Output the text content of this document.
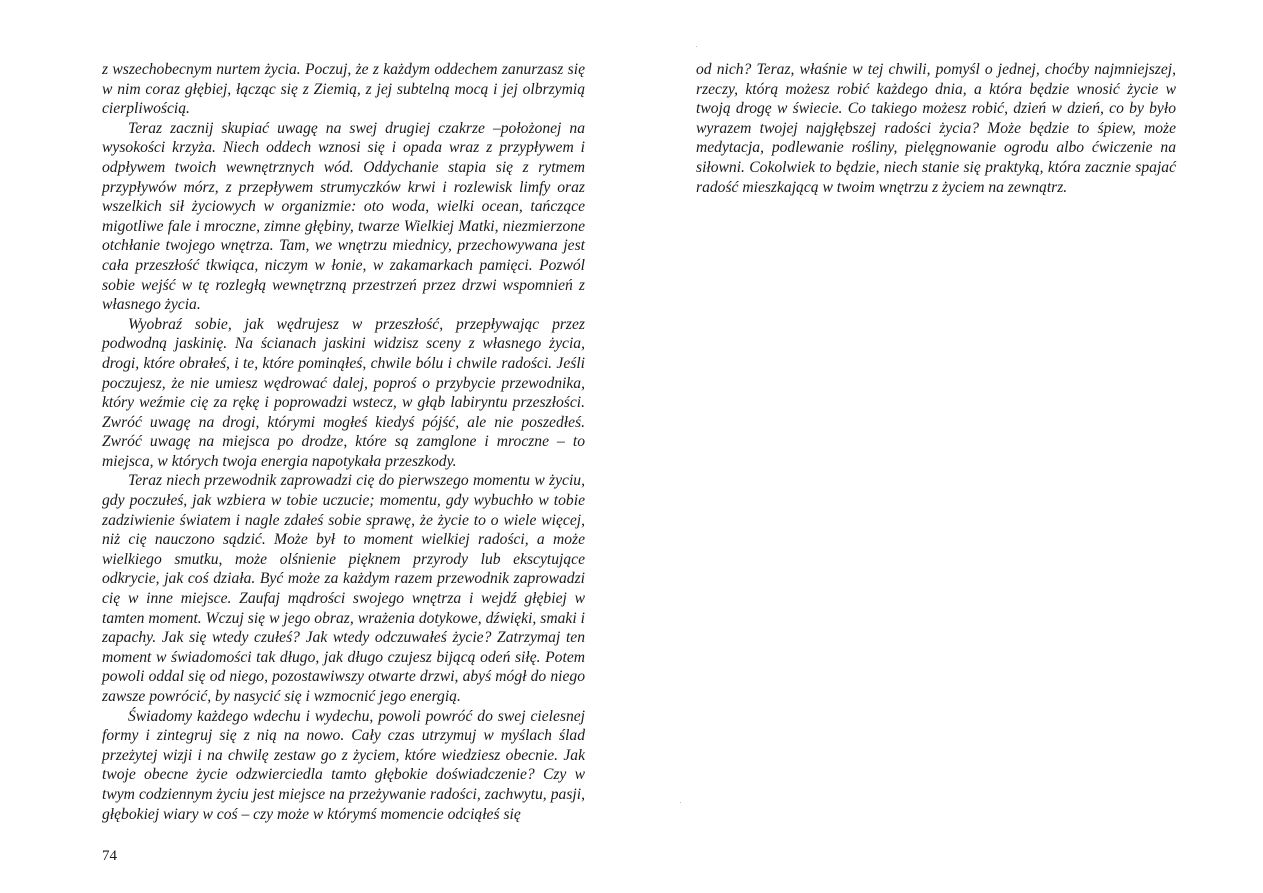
z wszechobecnym nurtem życia. Poczuj, że z każdym oddechem zanurzasz się w nim coraz głębiej, łącząc się z Ziemią, z jej subtelną mocą i jej olbrzymią cierpliwością.

Teraz zacznij skupiać uwagę na swej drugiej czakrze –położonej na wysokości krzyża. Niech oddech wznosi się i opada wraz z przypływem i odpływem twoich wewnętrznych wód. Oddychanie stapia się z rytmem przypływów mórz, z przepływem strumyczków krwi i rozlewisk limfy oraz wszelkich sił życiowych w organizmie: oto woda, wielki ocean, tańczące migotliwe fale i mroczne, zimne głębiny, twarze Wielkiej Matki, niezmierzone otchłanie twojego wnętrza. Tam, we wnętrzu miednicy, przechowywana jest cała przeszłość tkwiąca, niczym w łonie, w zakamarkach pamięci. Pozwól sobie wejść w tę rozległą wewnętrzną przestrzeń przez drzwi wspomnień z własnego życia.

Wyobraź sobie, jak wędrujesz w przeszłość, przepływając przez podwodną jaskinię. Na ścianach jaskini widzisz sceny z własnego życia, drogi, które obrałeś, i te, które pominąłeś, chwile bólu i chwile radości. Jeśli poczujesz, że nie umiesz wędrować dalej, poproś o przybycie przewodnika, który weźmie cię za rękę i poprowadzi wstecz, w głąb labiryntu przeszłości. Zwróć uwagę na drogi, którymi mogłeś kiedyś pójść, ale nie poszedłeś. Zwróć uwagę na miejsca po drodze, które są zamglone i mroczne – to miejsca, w których twoja energia napotykała przeszkody.

Teraz niech przewodnik zaprowadzi cię do pierwszego momentu w życiu, gdy poczułeś, jak wzbiera w tobie uczucie; momentu, gdy wybuchło w tobie zadziwienie światem i nagle zdałeś sobie sprawę, że życie to o wiele więcej, niż cię nauczono sądzić. Może był to moment wielkiej radości, a może wielkiego smutku, może olśnienie pięknem przyrody lub ekscytujące odkrycie, jak coś działa. Być może za każdym razem przewodnik zaprowadzi cię w inne miejsce. Zaufaj mądrości swojego wnętrza i wejdź głębiej w tamten moment. Wczuj się w jego obraz, wrażenia dotykowe, dźwięki, smaki i zapachy. Jak się wtedy czułeś? Jak wtedy odczuwałeś życie? Zatrzymaj ten moment w świadomości tak długo, jak długo czujesz bijącą odeń siłę. Potem powoli oddal się od niego, pozostawiwszy otwarte drzwi, abyś mógł do niego zawsze powrócić, by nasycić się i wzmocnić jego energią.

Świadomy każdego wdechu i wydechu, powoli powróć do swej cielesnej formy i zintegruj się z nią na nowo. Cały czas utrzymuj w myślach ślad przeżytej wizji i na chwilę zestaw go z życiem, które wiedziesz obecnie. Jak twoje obecne życie odzwierciedla tamto głębokie doświadczenie? Czy w twym codziennym życiu jest miejsce na przeżywanie radości, zachwytu, pasji, głębokiej wiary w coś – czy może w którymś momencie odciąłeś się

74

od nich? Teraz, właśnie w tej chwili, pomyśl o jednej, choćby najmniejszej, rzeczy, którą możesz robić każdego dnia, a która będzie wnosić życie w twoją drogę w świecie. Co takiego możesz robić, dzień w dzień, co by było wyrazem twojej najgłębszej radości życia? Może będzie to śpiew, może medytacja, podlewanie rośliny, pielęgnowanie ogrodu albo ćwiczenie na siłowni. Cokolwiek to będzie, niech stanie się praktyką, która zacznie spajać radość mieszkającą w twoim wnętrzu z życiem na zewnątrz.
